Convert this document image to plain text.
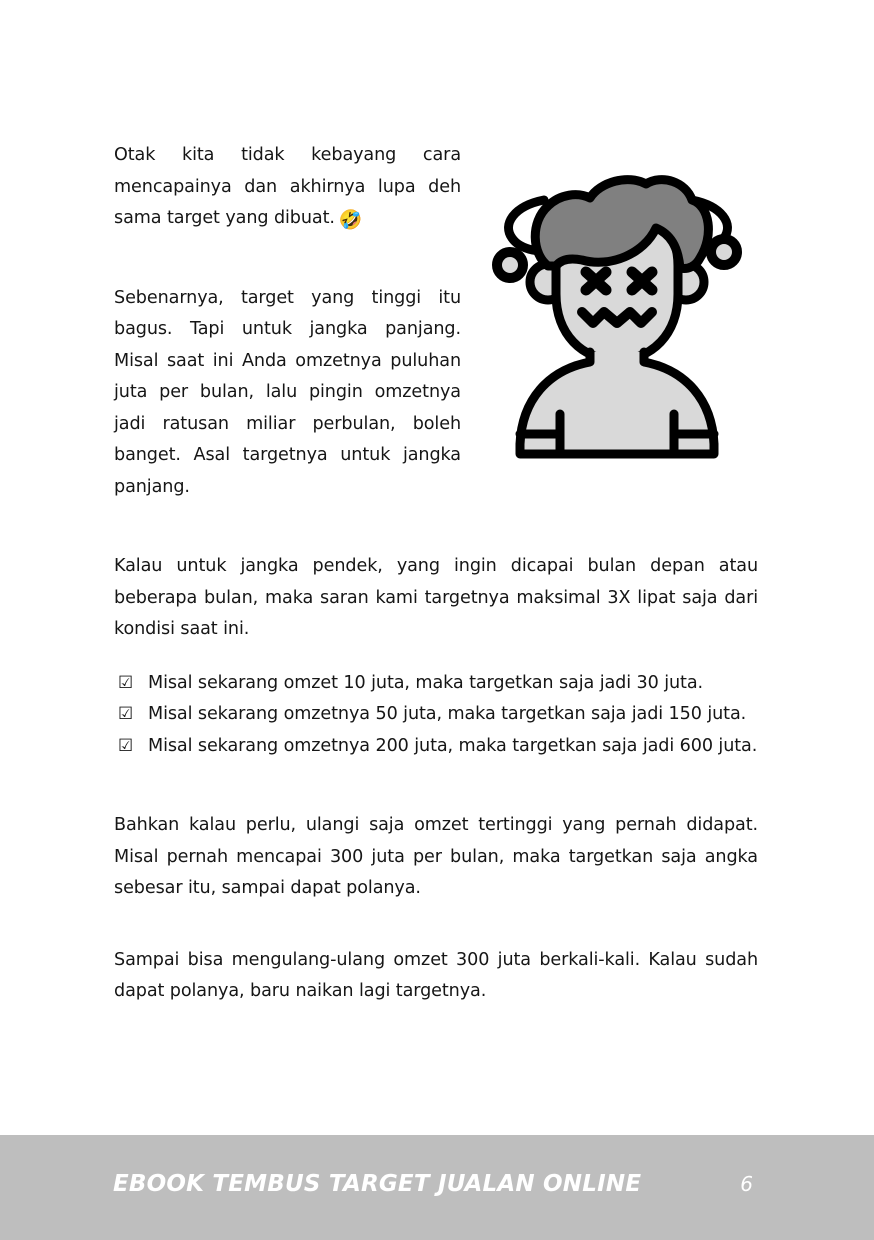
Otak kita tidak kebayang cara mencapainya dan akhirnya lupa deh sama target yang dibuat. 🤣

Sebenarnya, target yang tinggi itu bagus. Tapi untuk jangka panjang. Misal saat ini Anda omzetnya puluhan juta per bulan, lalu pingin omzetnya jadi ratusan miliar perbulan, boleh banget. Asal targetnya untuk jangka panjang.

Kalau untuk jangka pendek, yang ingin dicapai bulan depan atau beberapa bulan, maka saran kami targetnya maksimal 3X lipat saja dari kondisi saat ini.

☑ Misal sekarang omzet 10 juta, maka targetkan saja jadi 30 juta.
☑ Misal sekarang omzetnya 50 juta, maka targetkan saja jadi 150 juta.
☑ Misal sekarang omzetnya 200 juta, maka targetkan saja jadi 600 juta.

Bahkan kalau perlu, ulangi saja omzet tertinggi yang pernah didapat. Misal pernah mencapai 300 juta per bulan, maka targetkan saja angka sebesar itu, sampai dapat polanya.

Sampai bisa mengulang-ulang omzet 300 juta berkali-kali. Kalau sudah dapat polanya, baru naikan lagi targetnya.

EBOOK TEMBUS TARGET JUALAN ONLINE	6
